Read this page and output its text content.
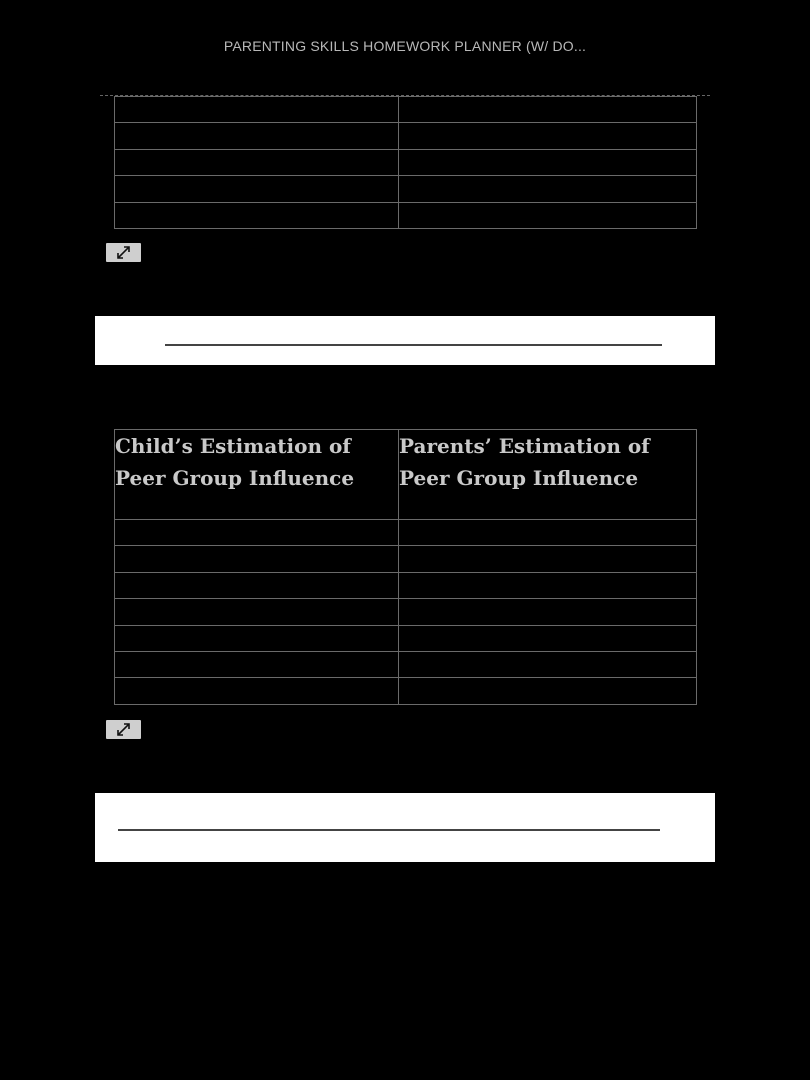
PARENTING SKILLS HOMEWORK PLANNER (W/ DO...

Child’s Estimation of Peer Group Influence	Parents’ Estimation of Peer Group Influence
